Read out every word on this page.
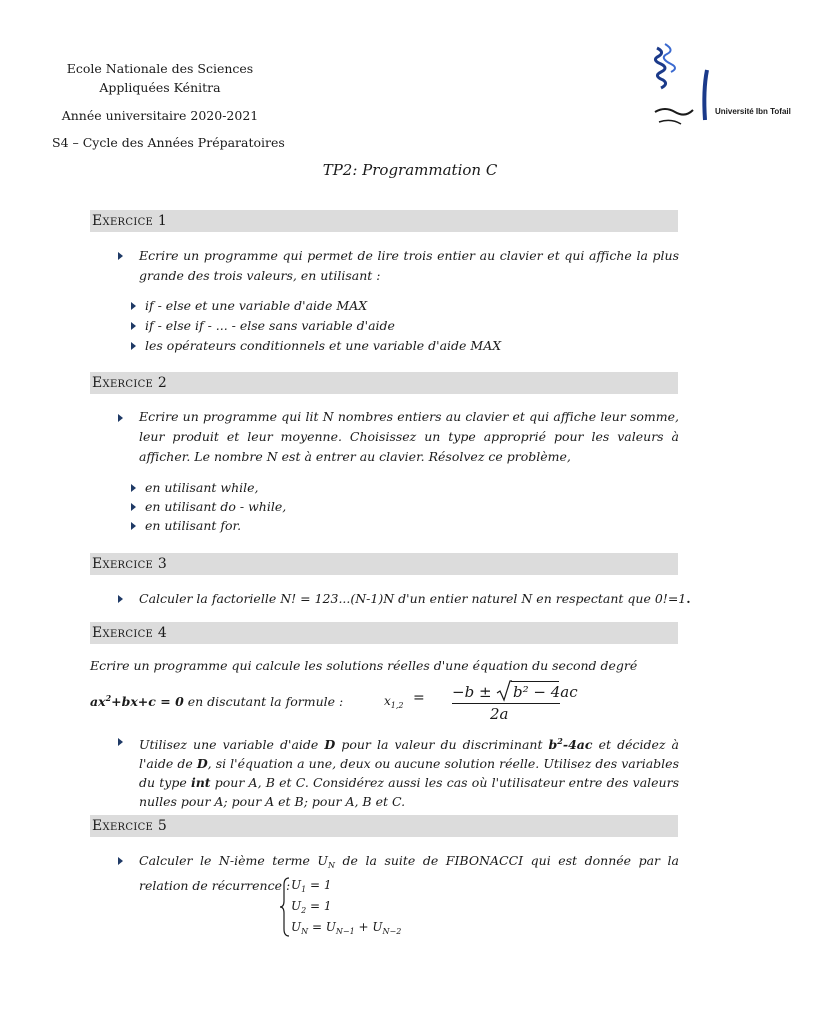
Ecole Nationale des Sciences
Appliquées Kénitra
Année universitaire 2020-2021
S4 – Cycle des Années Préparatoires
Université Ibn Tofail
TP2: Programmation C
Exercice 1
Ecrire un programme qui permet de lire trois entier au clavier et qui affiche la plus grande des trois valeurs, en utilisant :
if - else et une variable d'aide MAX
if - else if - ... - else sans variable d'aide
les opérateurs conditionnels et une variable d'aide MAX
Exercice 2
Ecrire un programme qui lit N nombres entiers au clavier et qui affiche leur somme, leur produit et leur moyenne. Choisissez un type approprié pour les valeurs à afficher. Le nombre N est à entrer au clavier. Résolvez ce problème,
en utilisant while,
en utilisant do - while,
en utilisant for.
Exercice 3
Calculer la factorielle N! = 123...(N-1)N d'un entier naturel N en respectant que 0!=1.
Exercice 4
Ecrire un programme qui calcule les solutions réelles d'une équation du second degré
$ax^2+bx+c = 0$ en discutant la formule :	$x_{1,2} = -b \pm b^2 - 4ac$
2a
Utilisez une variable d'aide D pour la valeur du discriminant $b^2-4ac$ et décidez à l'aide de D, si l'équation a une, deux ou aucune solution réelle. Utilisez des variables du type int pour A, B et C. Considérez aussi les cas où l'utilisateur entre des valeurs nulles pour A; pour A et B; pour A, B et C.
Exercice 5
Calculer le N-ième terme $U_N$ de la suite de FIBONACCI qui est donnée par la relation de récurrence : $U_1 = 1$
$U_2 = 1$
$U_N = U_{N-1} + U_{N-2}$
